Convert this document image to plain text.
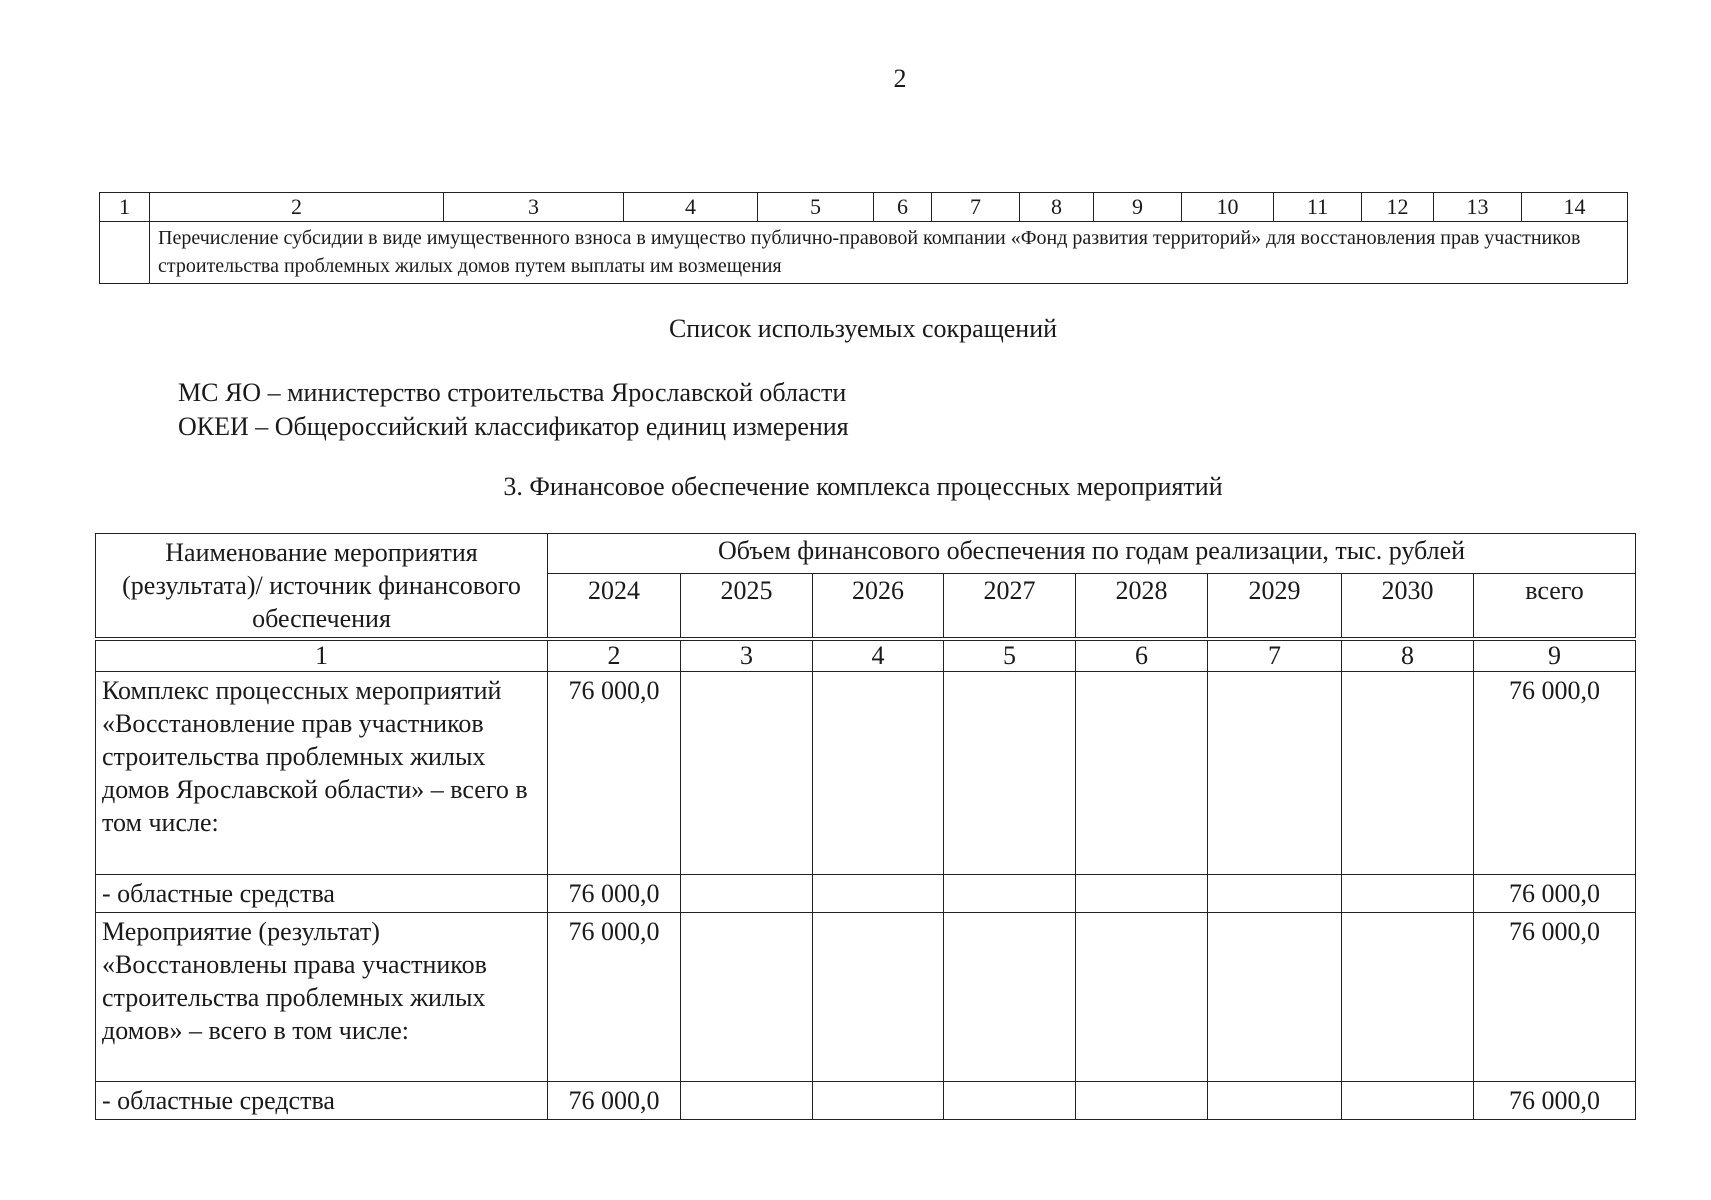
2
1	2	3	4	5	6	7	8	9	10	11	12	13	14
	Перечисление субсидии в виде имущественного взноса в имущество публично-правовой компании «Фонд развития территорий» для восстановления прав участников строительства проблемных жилых домов путем выплаты им возмещения												
Список используемых сокращений
МС ЯО – министерство строительства Ярославской области
ОКЕИ – Общероссийский классификатор единиц измерения
3. Финансовое обеспечение комплекса процессных мероприятий
Наименование мероприятия (результата)/ источник финансового обеспечения	Объем финансового обеспечения по годам реализации, тыс. рублей							
	2024	2025	2026	2027	2028	2029	2030	всего

1	2	3	4	5	6	7	8	9
Комплекс процессных мероприятий «Восстановление прав участников строительства проблемных жилых домов Ярославской области» – всего в том числе:	76 000,0							76 000,0
- областные средства	76 000,0							76 000,0
Мероприятие (результат) «Восстановлены права участников строительства проблемных жилых домов» – всего в том числе:	76 000,0							76 000,0
- областные средства	76 000,0							76 000,0
